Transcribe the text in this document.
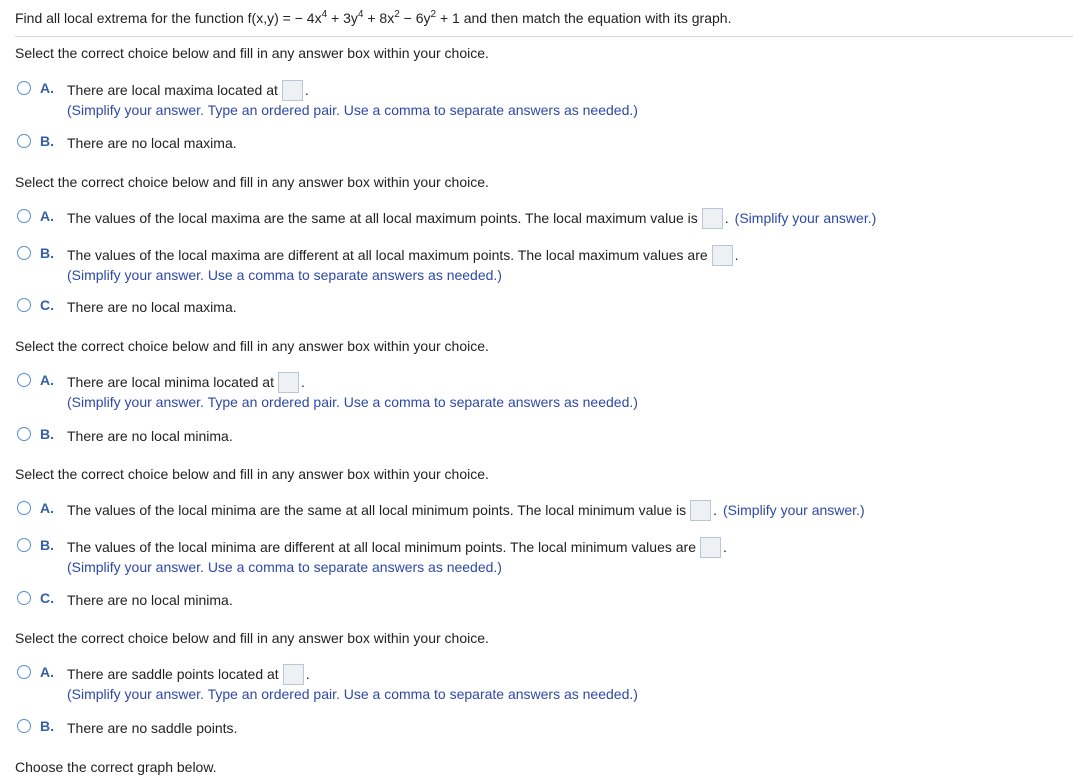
Find all local extrema for the function f(x,y) = − $4x^4 + 3y^4 + 8x^2 - 6y^2 + 1$ and then match the equation with its graph.
Select the correct choice below and fill in any answer box within your choice.
A. There are local maxima located at .
(Simplify your answer. Type an ordered pair. Use a comma to separate answers as needed.)
B. There are no local maxima.
Select the correct choice below and fill in any answer box within your choice.
A. The values of the local maxima are the same at all local maximum points. The local maximum value is . (Simplify your answer.)
B. The values of the local maxima are different at all local maximum points. The local maximum values are .
(Simplify your answer. Use a comma to separate answers as needed.)
C. There are no local maxima.
Select the correct choice below and fill in any answer box within your choice.
A. There are local minima located at .
(Simplify your answer. Type an ordered pair. Use a comma to separate answers as needed.)
B. There are no local minima.
Select the correct choice below and fill in any answer box within your choice.
A. The values of the local minima are the same at all local minimum points. The local minimum value is . (Simplify your answer.)
B. The values of the local minima are different at all local minimum points. The local minimum values are .
(Simplify your answer. Use a comma to separate answers as needed.)
C. There are no local minima.
Select the correct choice below and fill in any answer box within your choice.
A. There are saddle points located at .
(Simplify your answer. Type an ordered pair. Use a comma to separate answers as needed.)
B. There are no saddle points.
Choose the correct graph below.
